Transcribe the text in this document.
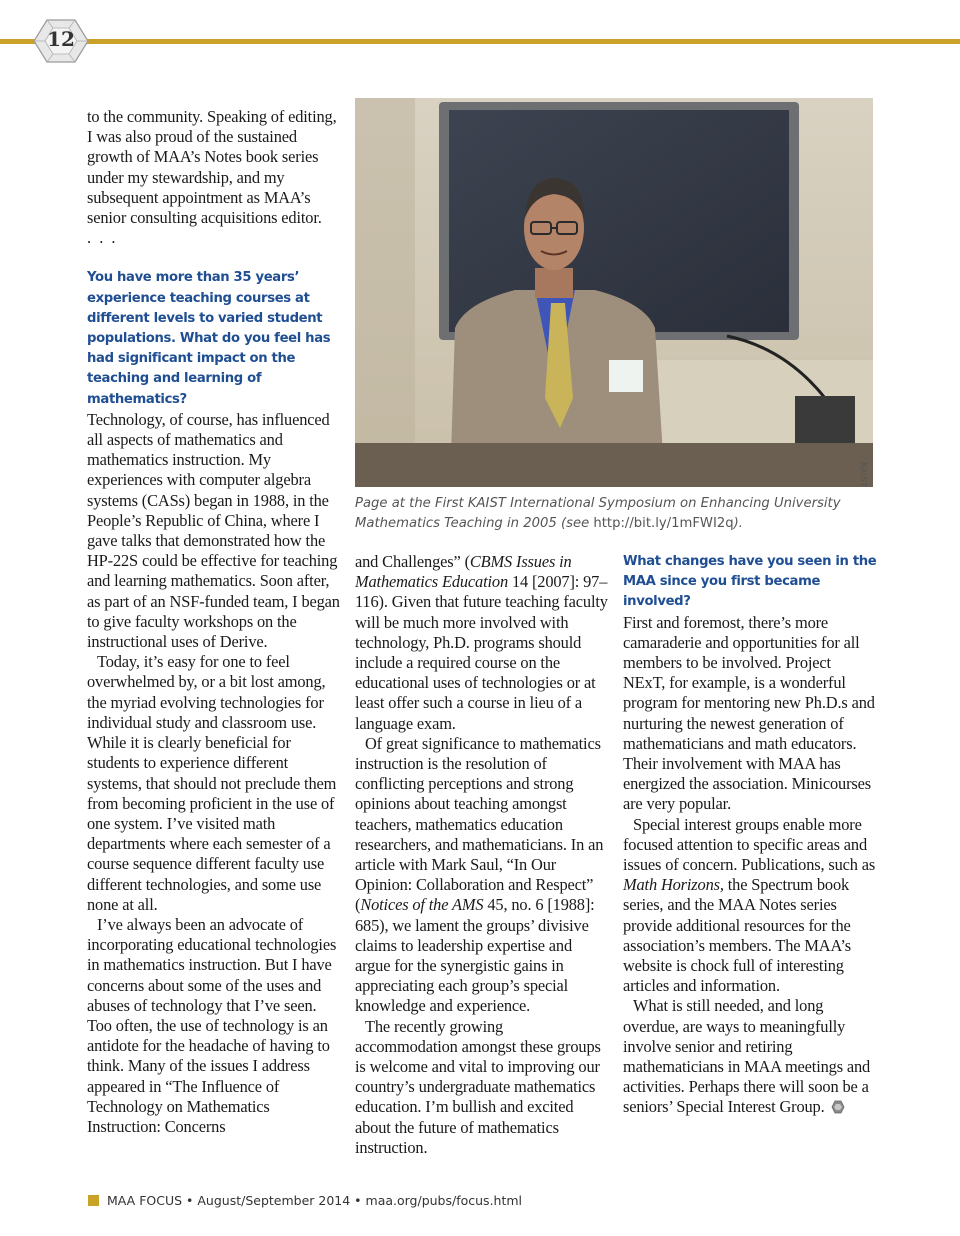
12

to the community. Speaking of editing, I was also proud of the sustained growth of MAA’s Notes book series under my stewardship, and my subsequent appointment as MAA’s senior consulting acquisitions editor.

. . .

You have more than 35 years’ experience teaching courses at different levels to varied student populations. What do you feel has had significant impact on the teaching and learning of mathematics?

Technology, of course, has influenced all aspects of mathematics and mathematics instruction. My experiences with computer algebra systems (CASs) began in 1988, in the People’s Republic of China, where I gave talks that demonstrated how the HP-22S could be effective for teaching and learning mathematics. Soon after, as part of an NSF-funded team, I began to give faculty workshops on the instructional uses of Derive.

Today, it’s easy for one to feel overwhelmed by, or a bit lost among, the myriad evolving technologies for individual study and classroom use. While it is clearly beneficial for students to experience different systems, that should not preclude them from becoming proficient in the use of one system. I’ve visited math departments where each semester of a course sequence different faculty use different technologies, and some use none at all.

I’ve always been an advocate of incorporating educational technologies in mathematics instruction. But I have concerns about some of the uses and abuses of technology that I’ve seen. Too often, the use of technology is an antidote for the headache of having to think. Many of the issues I address appeared in “The Influence of Technology on Mathematics Instruction: Concerns

KAIST
Page at the First KAIST International Symposium on Enhancing University Mathematics Teaching in 2005 (see http://bit.ly/1mFWI2q).

and Challenges” (CBMS Issues in Mathematics Education 14 [2007]: 97–116). Given that future teaching faculty will be much more involved with technology, Ph.D. programs should include a required course on the educational uses of technologies or at least offer such a course in lieu of a language exam.

Of great significance to mathematics instruction is the resolution of conflicting perceptions and strong opinions about teaching amongst teachers, mathematics education researchers, and mathematicians. In an article with Mark Saul, “In Our Opinion: Collaboration and Respect” (Notices of the AMS 45, no. 6 [1988]: 685), we lament the groups’ divisive claims to leadership expertise and argue for the synergistic gains in appreciating each group’s special knowledge and experience.

The recently growing accommodation amongst these groups is welcome and vital to improving our country’s undergraduate mathematics education. I’m bullish and excited about the future of mathematics instruction.

What changes have you seen in the MAA since you first became involved?

First and foremost, there’s more camaraderie and opportunities for all members to be involved. Project NExT, for example, is a wonderful program for mentoring new Ph.D.s and nurturing the newest generation of mathematicians and math educators. Their involvement with MAA has energized the association. Minicourses are very popular.

Special interest groups enable more focused attention to specific areas and issues of concern. Publications, such as Math Horizons, the Spectrum book series, and the MAA Notes series provide additional resources for the association’s members. The MAA’s website is chock full of interesting articles and information.

What is still needed, and long overdue, are ways to meaningfully involve senior and retiring mathematicians in MAA meetings and activities. Perhaps there will soon be a seniors’ Special Interest Group.

MAA FOCUS • August/September 2014 • maa.org/pubs/focus.html
